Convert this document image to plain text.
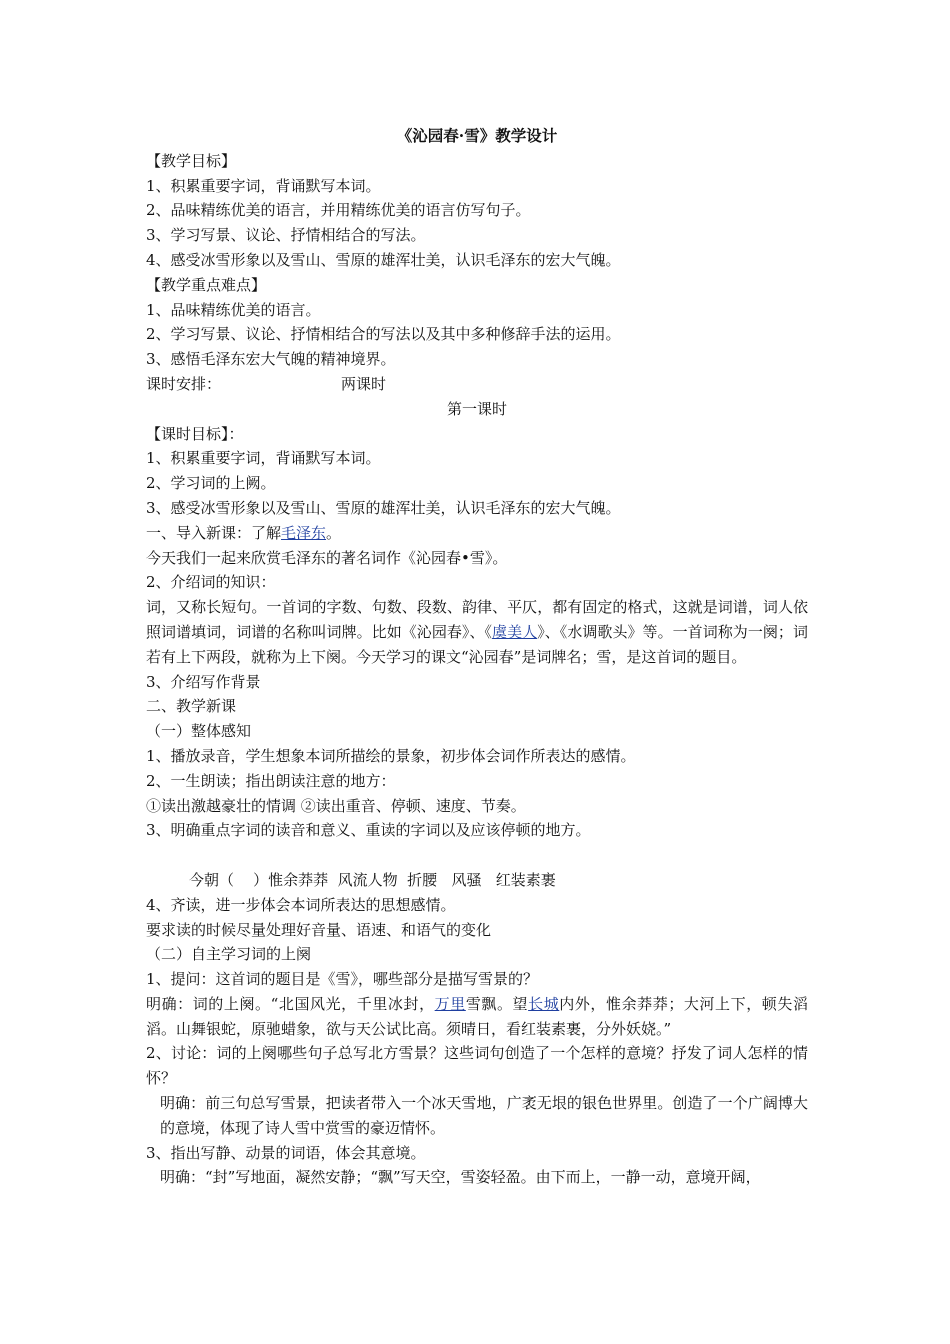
《沁园春·雪》教学设计
【教学目标】
1、积累重要字词，背诵默写本词。
2、品味精练优美的语言，并用精练优美的语言仿写句子。
3、学习写景、议论、抒情相结合的写法。
4、感受冰雪形象以及雪山、雪原的雄浑壮美，认识毛泽东的宏大气魄。
【教学重点难点】
1、品味精练优美的语言。
2、学习写景、议论、抒情相结合的写法以及其中多种修辞手法的运用。
3、感悟毛泽东宏大气魄的精神境界。
课时安排：	两课时
第一课时
【课时目标】：
1、积累重要字词，背诵默写本词。
2、学习词的上阙。
3、感受冰雪形象以及雪山、雪原的雄浑壮美，认识毛泽东的宏大气魄。
一、导入新课：了解毛泽东。
今天我们一起来欣赏毛泽东的著名词作《沁园春•雪》。
2、介绍词的知识：

词，又称长短句。一首词的字数、句数、段数、韵律、平仄，都有固定的格式，这就是词谱，词人依照词谱填词，词谱的名称叫词牌。比如《沁园春》、《虞美人》、《水调歌头》等。一首词称为一阕；词若有上下两段，就称为上下阕。今天学习的课文“沁园春”是词牌名；雪，是这首词的题目。

3、介绍写作背景
二、教学新课
（一）整体感知
1、播放录音，学生想象本词所描绘的景象，初步体会词作所表达的感情。
2、一生朗读；指出朗读注意的地方：
①读出激越豪壮的情调 ②读出重音、停顿、速度、节奏。
3、明确重点字词的读音和意义、重读的字词以及应该停顿的地方。

今朝（    ）惟余莽莽  风流人物  折腰   风骚   红装素裹
4、齐读，进一步体会本词所表达的思想感情。
要求读的时候尽量处理好音量、语速、和语气的变化
（二）自主学习词的上阕
1、提问：这首词的题目是《雪》，哪些部分是描写雪景的？

明确：词的上阕。“北国风光，千里冰封，万里雪飘。望长城内外，惟余莽莽；大河上下，顿失滔滔。山舞银蛇，原驰蜡象，欲与天公试比高。须晴日，看红装素裹，分外妖娆。”

2、讨论：词的上阕哪些句子总写北方雪景？这些词句创造了一个怎样的意境？抒发了词人怎样的情怀？

明确：前三句总写雪景，把读者带入一个冰天雪地，广袤无垠的银色世界里。创造了一个广阔博大的意境，体现了诗人雪中赏雪的豪迈情怀。

3、指出写静、动景的词语，体会其意境。
明确：“封”写地面，凝然安静；“飘”写天空，雪姿轻盈。由下而上，一静一动，意境开阔，
